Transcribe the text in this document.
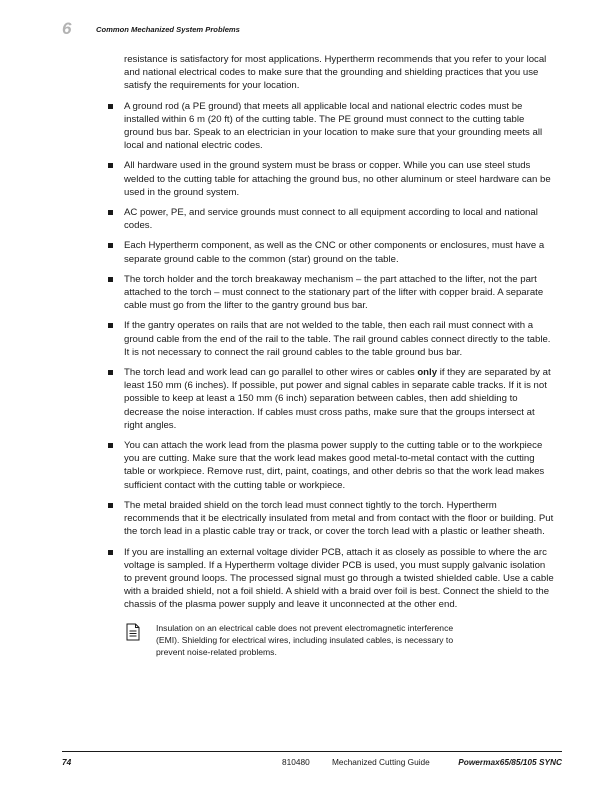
6	Common Mechanized System Problems

resistance is satisfactory for most applications. Hypertherm recommends that you refer to your local and national electrical codes to make sure that the grounding and shielding practices that you use satisfy the requirements for your location.

A ground rod (a PE ground) that meets all applicable local and national electric codes must be installed within 6 m (20 ft) of the cutting table. The PE ground must connect to the cutting table ground bus bar. Speak to an electrician in your location to make sure that your grounding meets all local and national electric codes.
All hardware used in the ground system must be brass or copper. While you can use steel studs welded to the cutting table for attaching the ground bus, no other aluminum or steel hardware can be used in the ground system.
AC power, PE, and service grounds must connect to all equipment according to local and national codes.
Each Hypertherm component, as well as the CNC or other components or enclosures, must have a separate ground cable to the common (star) ground on the table.
The torch holder and the torch breakaway mechanism – the part attached to the lifter, not the part attached to the torch – must connect to the stationary part of the lifter with copper braid. A separate cable must go from the lifter to the gantry ground bus bar.
If the gantry operates on rails that are not welded to the table, then each rail must connect with a ground cable from the end of the rail to the table. The rail ground cables connect directly to the table. It is not necessary to connect the rail ground cables to the table ground bus bar.
The torch lead and work lead can go parallel to other wires or cables only if they are separated by at least 150 mm (6 inches). If possible, put power and signal cables in separate cable tracks. If it is not possible to keep at least a 150 mm (6 inch) separation between cables, then add shielding to decrease the noise interaction. If cables must cross paths, make sure that the groups intersect at right angles.
You can attach the work lead from the plasma power supply to the cutting table or to the workpiece you are cutting. Make sure that the work lead makes good metal-to-metal contact with the cutting table or workpiece. Remove rust, dirt, paint, coatings, and other debris so that the work lead makes sufficient contact with the cutting table or workpiece.
The metal braided shield on the torch lead must connect tightly to the torch. Hypertherm recommends that it be electrically insulated from metal and from contact with the floor or building. Put the torch lead in a plastic cable tray or track, or cover the torch lead with a plastic or leather sheath.
If you are installing an external voltage divider PCB, attach it as closely as possible to where the arc voltage is sampled. If a Hypertherm voltage divider PCB is used, you must supply galvanic isolation to prevent ground loops. The processed signal must go through a twisted shielded cable. Use a cable with a braided shield, not a foil shield. A shield with a braid over foil is best. Connect the shield to the chassis of the plasma power supply and leave it unconnected at the other end.
Insulation on an electrical cable does not prevent electromagnetic interference (EMI). Shielding for electrical wires, including insulated cables, is necessary to prevent noise-related problems.
74	810480	Mechanized Cutting Guide	Powermax65/85/105 SYNC
